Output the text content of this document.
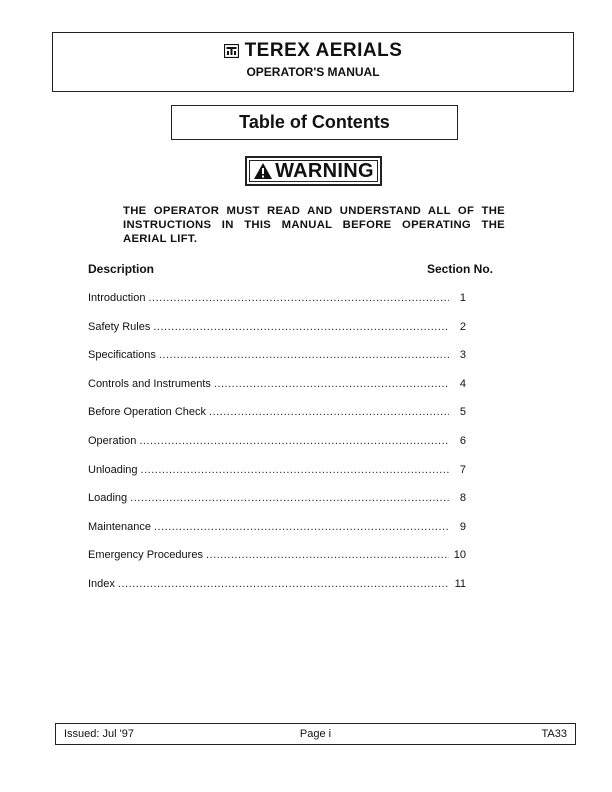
TEREX AERIALS
OPERATOR'S MANUAL
Table of Contents
WARNING
THE OPERATOR MUST READ AND UNDERSTAND ALL OF THE INSTRUCTIONS IN THIS MANUAL BEFORE OPERATING THE AERIAL LIFT.
Description	Section No.
Introduction .....	1
Safety Rules .....	2
Specifications .....	3
Controls and Instruments .....	4
Before Operation Check .....	5
Operation .....	6
Unloading .....	7
Loading .....	8
Maintenance .....	9
Emergency Procedures .....	10
Index .....	11
Issued: Jul '97	Page i	TA33
